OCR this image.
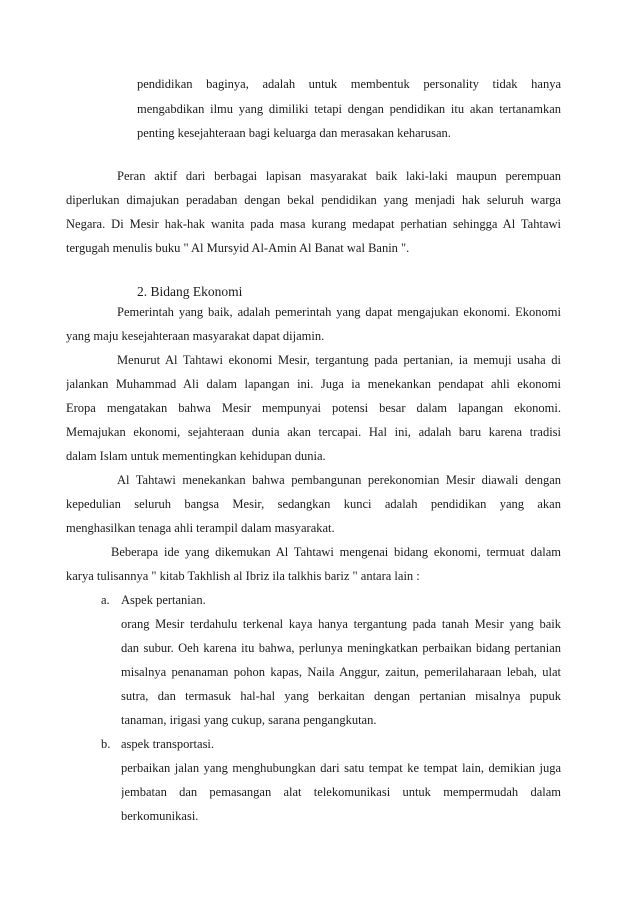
pendidikan baginya, adalah untuk membentuk personality tidak hanya
mengabdikan ilmu yang dimiliki tetapi dengan pendidikan itu akan tertanamkan
penting kesejahteraan bagi keluarga dan merasakan keharusan.
Peran aktif dari berbagai lapisan masyarakat baik laki-laki maupun perempuan
diperlukan dimajukan peradaban dengan bekal pendidikan yang menjadi hak seluruh warga
Negara. Di Mesir hak-hak wanita pada masa kurang medapat perhatian sehingga Al Tahtawi
tergugah menulis buku " Al Mursyid Al-Amin Al Banat wal Banin ".
2. Bidang Ekonomi
Pemerintah yang baik, adalah pemerintah yang dapat mengajukan ekonomi. Ekonomi
yang maju kesejahteraan masyarakat dapat dijamin.
Menurut Al Tahtawi ekonomi Mesir, tergantung pada pertanian, ia memuji usaha di
jalankan Muhammad Ali dalam lapangan ini. Juga ia menekankan pendapat ahli ekonomi
Eropa mengatakan bahwa Mesir mempunyai potensi besar dalam lapangan ekonomi.
Memajukan ekonomi, sejahteraan dunia akan tercapai. Hal ini, adalah baru karena tradisi
dalam Islam untuk mementingkan kehidupan dunia.
Al Tahtawi menekankan bahwa pembangunan perekonomian Mesir diawali dengan
kepedulian seluruh bangsa Mesir, sedangkan kunci adalah pendidikan yang akan
menghasilkan tenaga ahli terampil dalam masyarakat.
Beberapa ide yang dikemukan Al Tahtawi mengenai bidang ekonomi, termuat dalam
karya tulisannya " kitab Takhlish al Ibriz ila talkhis bariz " antara lain :
a. Aspek pertanian.
orang Mesir terdahulu terkenal kaya hanya tergantung pada tanah Mesir yang baik
dan subur. Oeh karena itu bahwa, perlunya meningkatkan perbaikan bidang pertanian
misalnya penanaman pohon kapas, Naila Anggur, zaitun, pemerilaharaan lebah, ulat
sutra, dan termasuk hal-hal yang berkaitan dengan pertanian misalnya pupuk
tanaman, irigasi yang cukup, sarana pengangkutan.
b. aspek transportasi.
perbaikan jalan yang menghubungkan dari satu tempat ke tempat lain, demikian juga
jembatan dan pemasangan alat telekomunikasi untuk mempermudah dalam
berkomunikasi.
